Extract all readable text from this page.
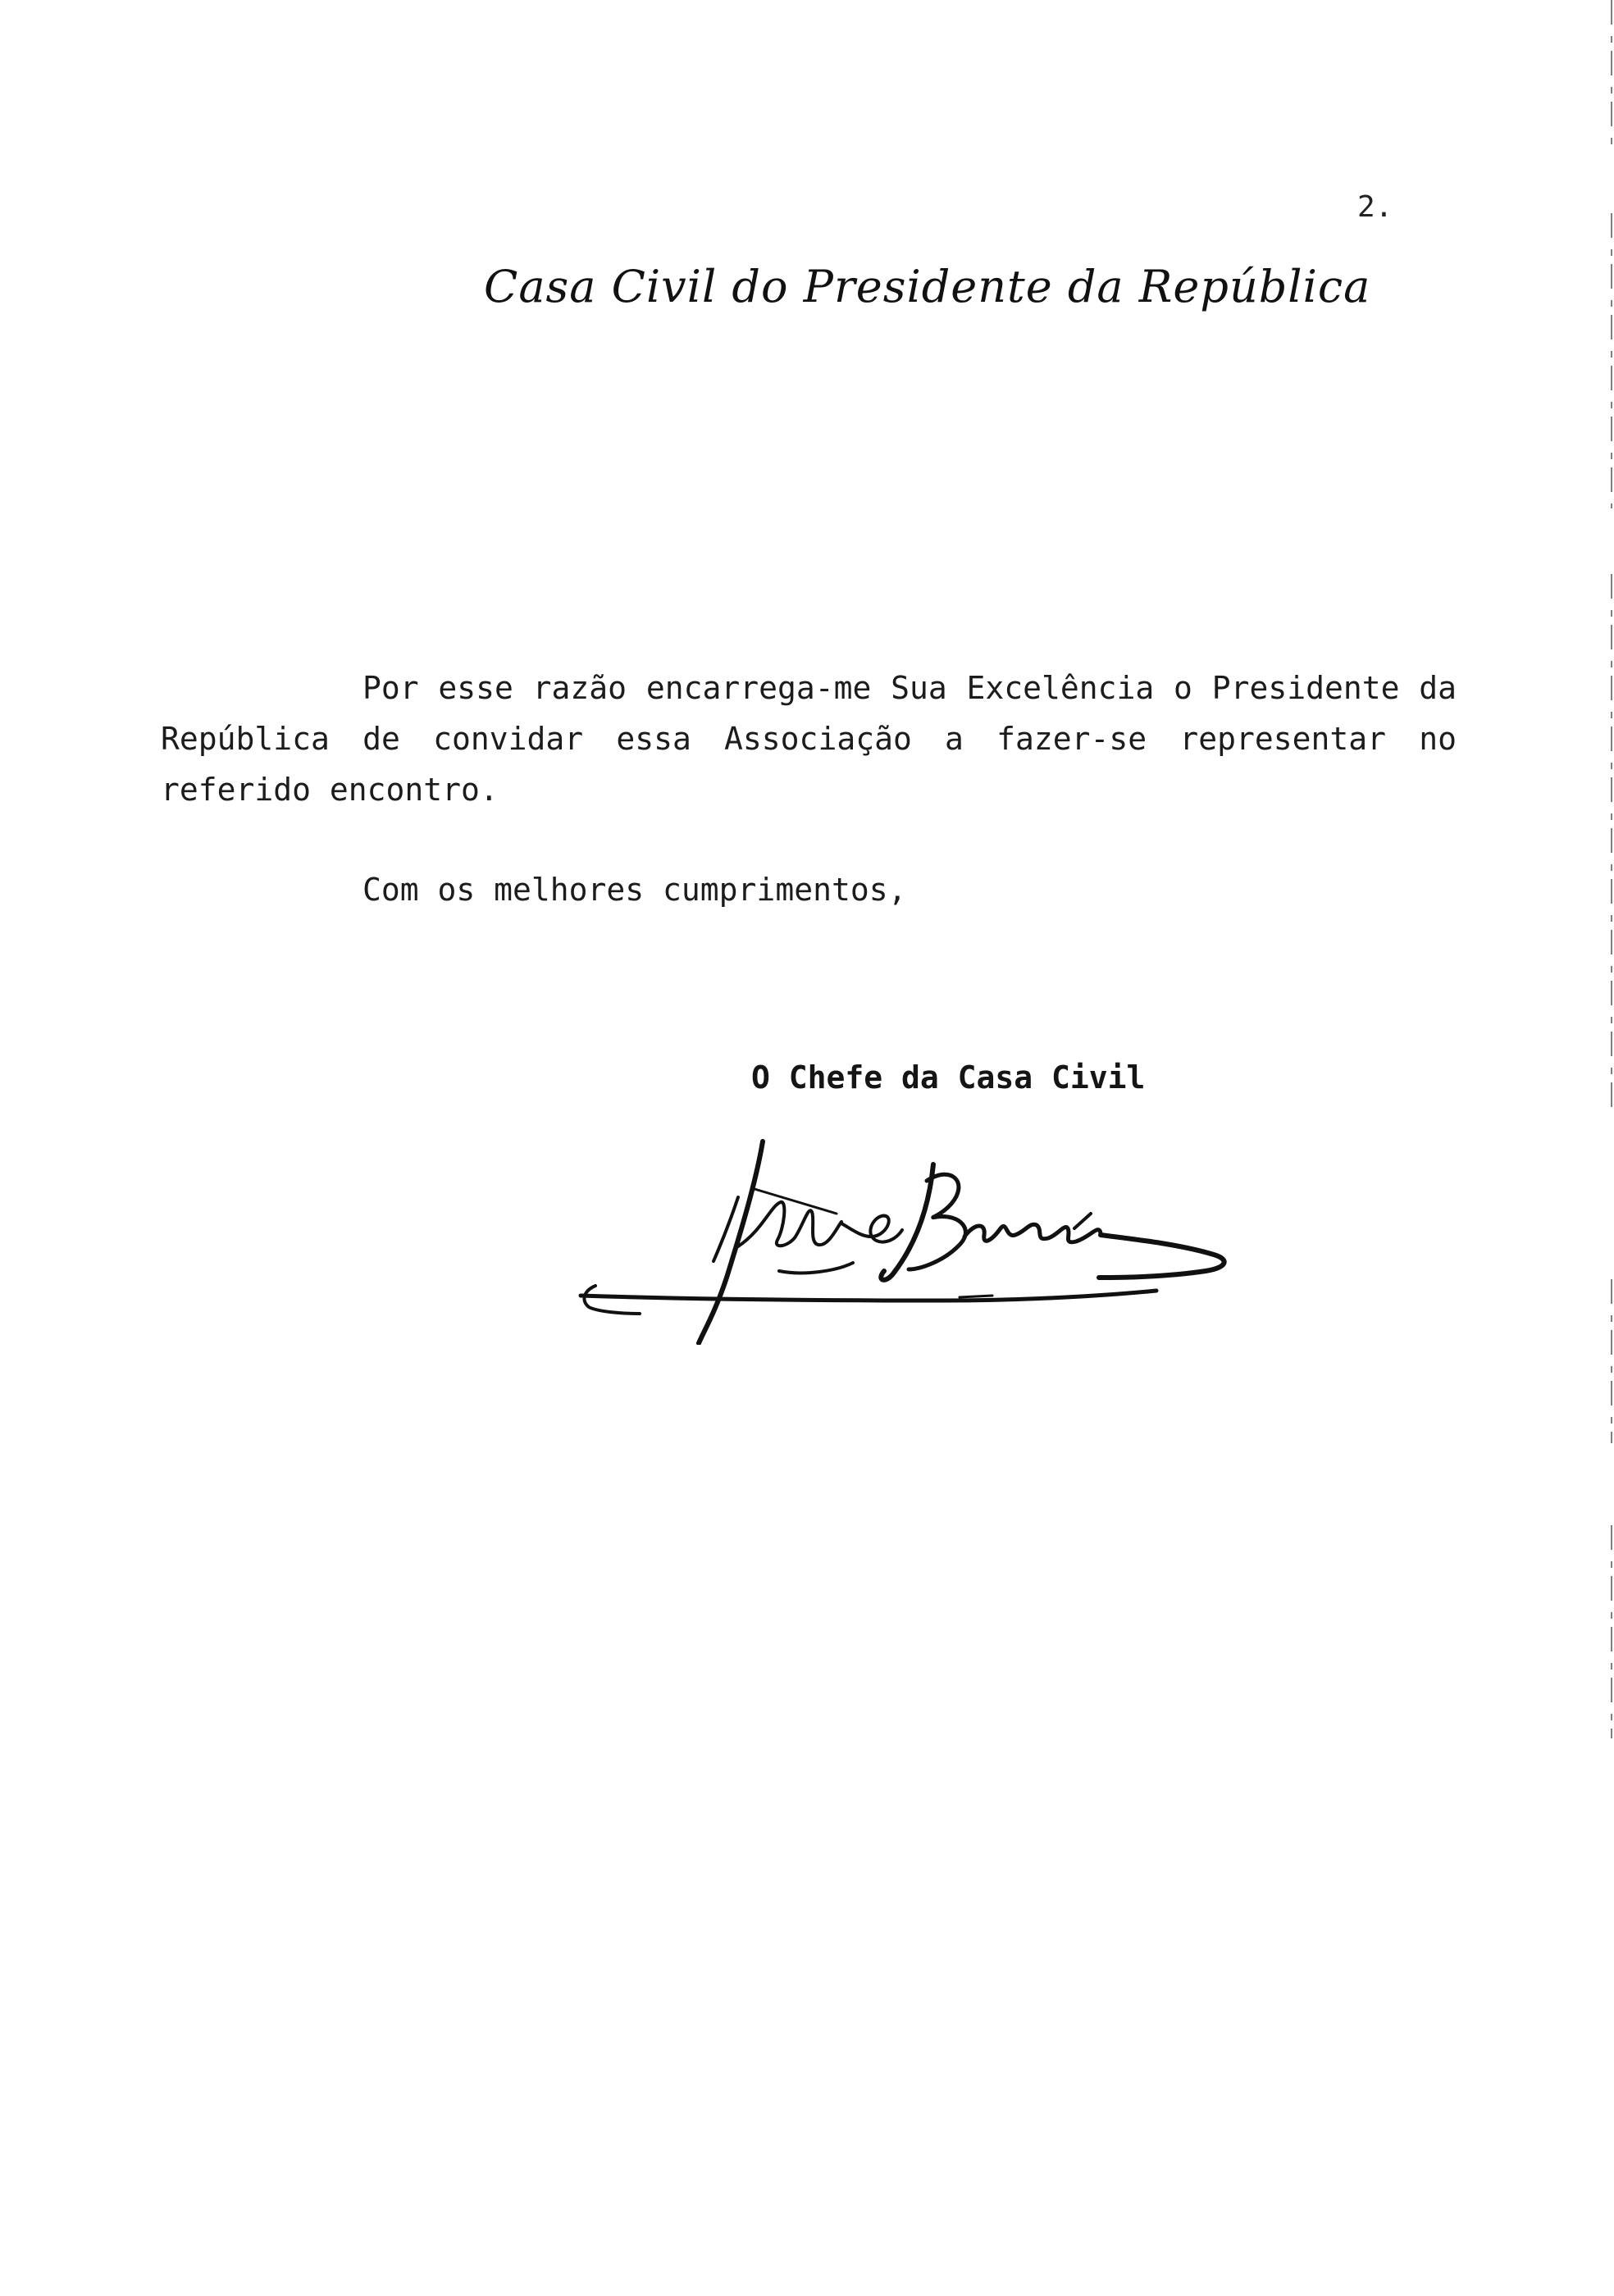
2.
Casa Civil do Presidente da República

Por esse razão encarrega-me Sua Excelência o Presidente da República de convidar essa Associação a fazer-se representar no referido encontro.

Com os melhores cumprimentos,

O Chefe da Casa Civil
